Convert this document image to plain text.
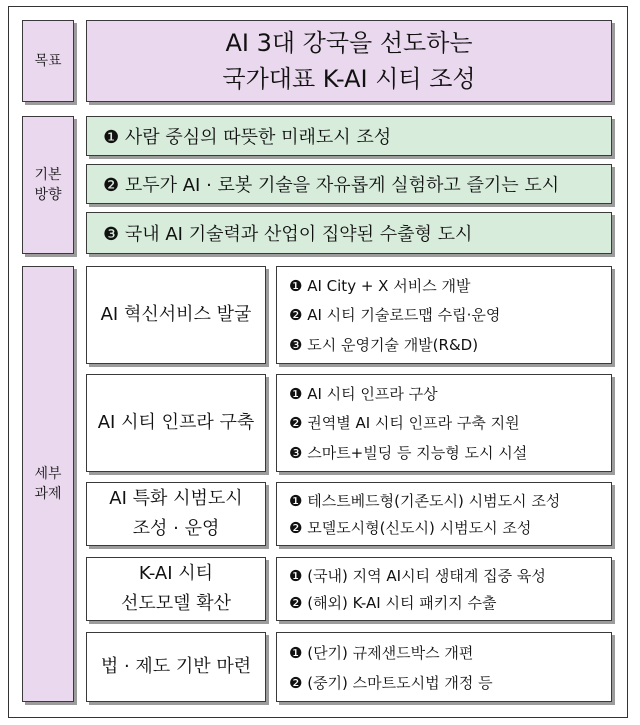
목표
AI 3대 강국을 선도하는
국가대표 K-AI 시티 조성
기본
방향
❶ 사람 중심의 따뜻한 미래도시 조성
❷ 모두가 AI · 로봇 기술을 자유롭게 실험하고 즐기는 도시
❸ 국내 AI 기술력과 산업이 집약된 수출형 도시
세부
과제
AI 혁신서비스 발굴
❶ AI City + X 서비스 개발
❷ AI 시티 기술로드맵 수립·운영
❸ 도시 운영기술 개발(R&D)
AI 시티 인프라 구축
❶ AI 시티 인프라 구상
❷ 권역별 AI 시티 인프라 구축 지원
❸ 스마트+빌딩 등 지능형 도시 시설
AI 특화 시범도시
조성 · 운영
❶ 테스트베드형(기존도시) 시범도시 조성
❷ 모델도시형(신도시) 시범도시 조성
K-AI 시티
선도모델 확산
❶ (국내) 지역 AI시티 생태계 집중 육성
❷ (해외) K-AI 시티 패키지 수출
법 · 제도 기반 마련
❶ (단기) 규제샌드박스 개편
❷ (중기) 스마트도시법 개정 등
